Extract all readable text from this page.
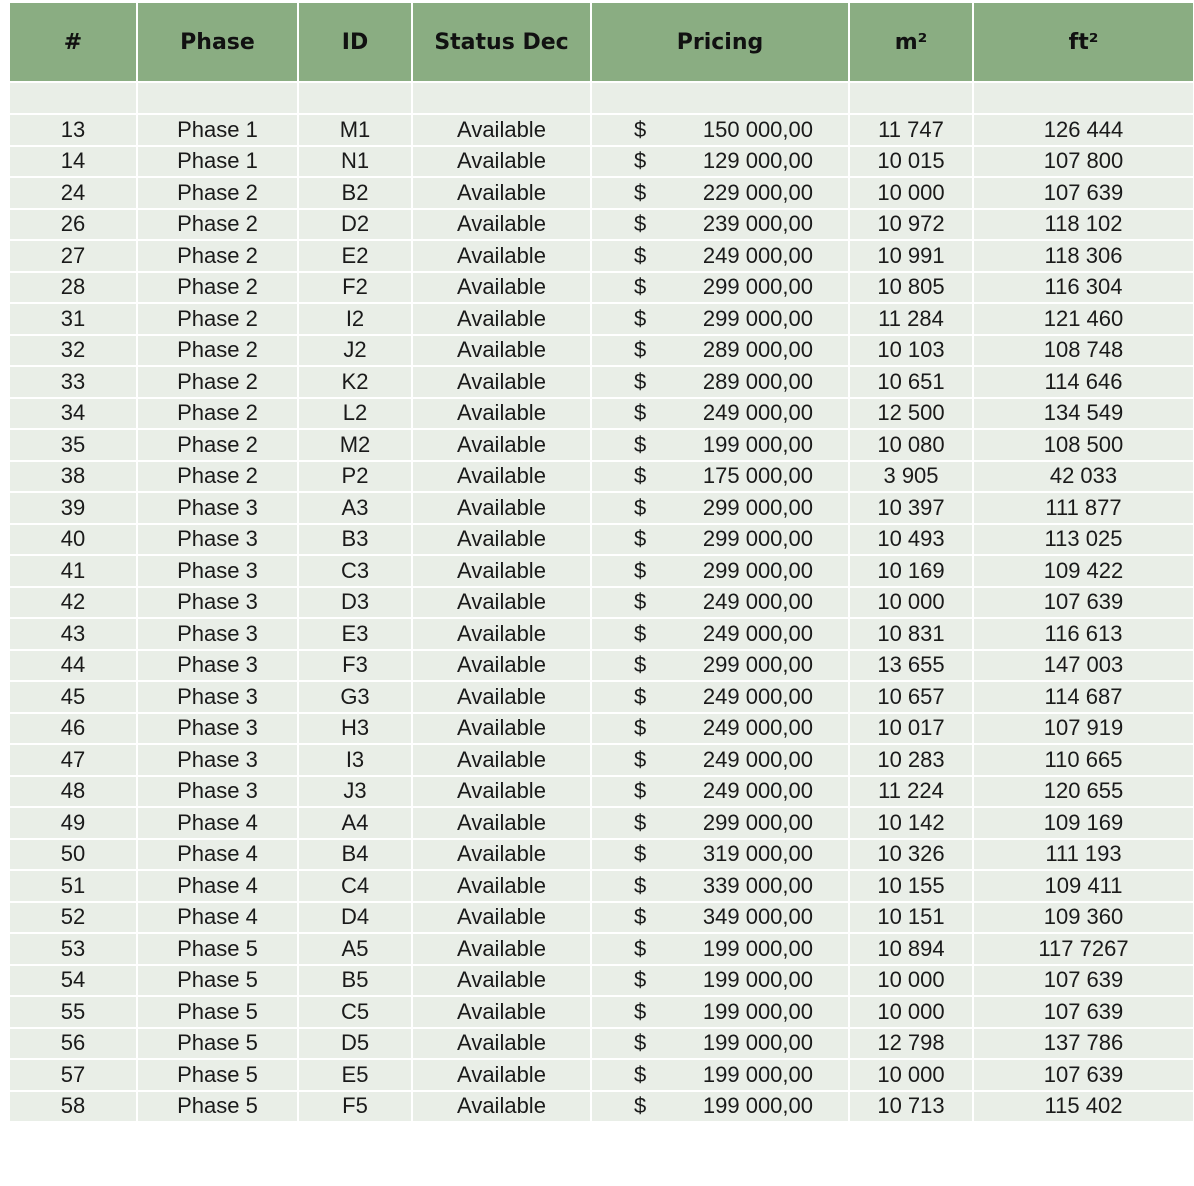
#	Phase	ID	Status Dec	Pricing	m²	ft²

13	Phase 1	M1	Available	$ 150 000,00	11 747	126 444
14	Phase 1	N1	Available	$ 129 000,00	10 015	107 800
24	Phase 2	B2	Available	$ 229 000,00	10 000	107 639
26	Phase 2	D2	Available	$ 239 000,00	10 972	118 102
27	Phase 2	E2	Available	$ 249 000,00	10 991	118 306
28	Phase 2	F2	Available	$ 299 000,00	10 805	116 304
31	Phase 2	I2	Available	$ 299 000,00	11 284	121 460
32	Phase 2	J2	Available	$ 289 000,00	10 103	108 748
33	Phase 2	K2	Available	$ 289 000,00	10 651	114 646
34	Phase 2	L2	Available	$ 249 000,00	12 500	134 549
35	Phase 2	M2	Available	$ 199 000,00	10 080	108 500
38	Phase 2	P2	Available	$ 175 000,00	3 905	42 033
39	Phase 3	A3	Available	$ 299 000,00	10 397	111 877
40	Phase 3	B3	Available	$ 299 000,00	10 493	113 025
41	Phase 3	C3	Available	$ 299 000,00	10 169	109 422
42	Phase 3	D3	Available	$ 249 000,00	10 000	107 639
43	Phase 3	E3	Available	$ 249 000,00	10 831	116 613
44	Phase 3	F3	Available	$ 299 000,00	13 655	147 003
45	Phase 3	G3	Available	$ 249 000,00	10 657	114 687
46	Phase 3	H3	Available	$ 249 000,00	10 017	107 919
47	Phase 3	I3	Available	$ 249 000,00	10 283	110 665
48	Phase 3	J3	Available	$ 249 000,00	11 224	120 655
49	Phase 4	A4	Available	$ 299 000,00	10 142	109 169
50	Phase 4	B4	Available	$ 319 000,00	10 326	111 193
51	Phase 4	C4	Available	$ 339 000,00	10 155	109 411
52	Phase 4	D4	Available	$ 349 000,00	10 151	109 360
53	Phase 5	A5	Available	$ 199 000,00	10 894	117 7267
54	Phase 5	B5	Available	$ 199 000,00	10 000	107 639
55	Phase 5	C5	Available	$ 199 000,00	10 000	107 639
56	Phase 5	D5	Available	$ 199 000,00	12 798	137 786
57	Phase 5	E5	Available	$ 199 000,00	10 000	107 639
58	Phase 5	F5	Available	$ 199 000,00	10 713	115 402
